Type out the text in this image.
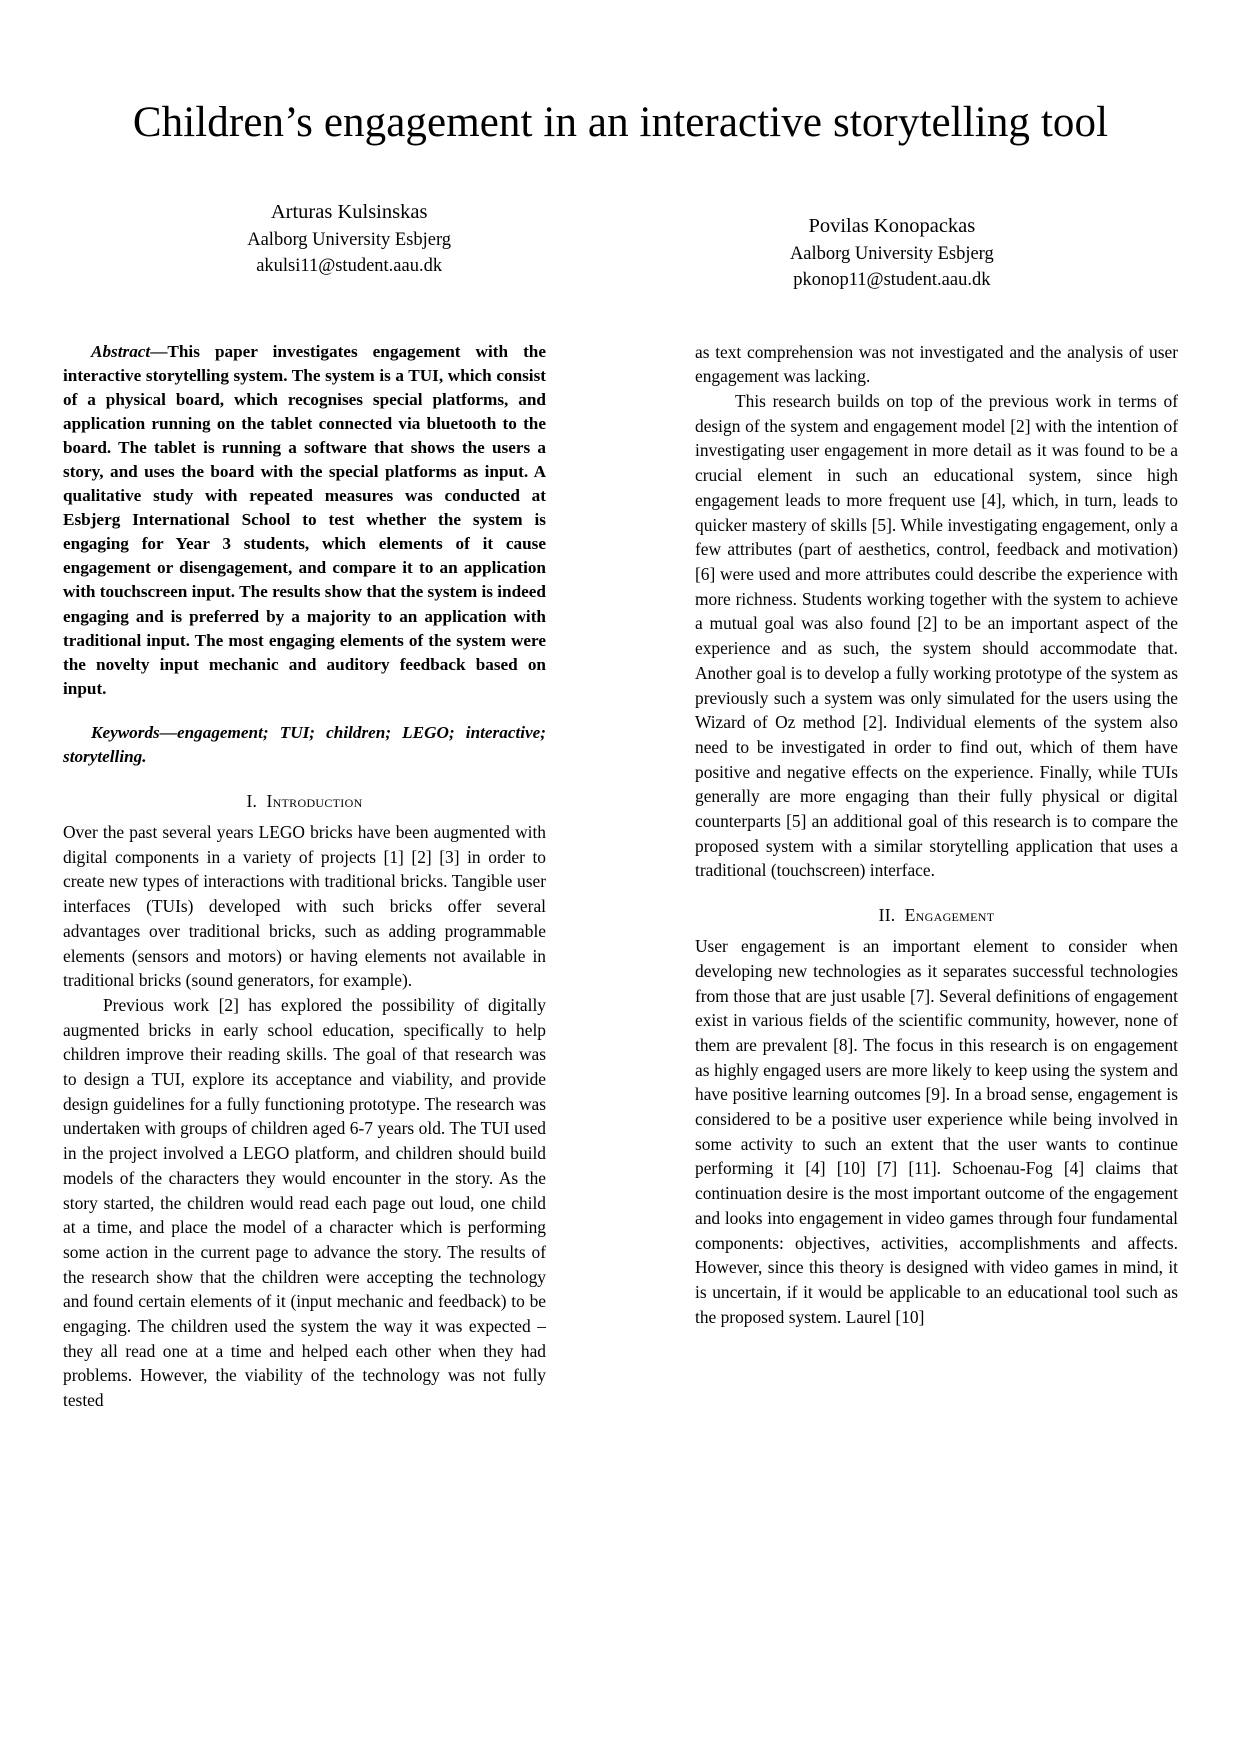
Children’s engagement in an interactive storytelling tool
Arturas Kulsinskas
Aalborg University Esbjerg
akulsi11@student.aau.dk
Povilas Konopackas
Aalborg University Esbjerg
pkonop11@student.aau.dk

Abstract—This paper investigates engagement with the interactive storytelling system. The system is a TUI, which consist of a physical board, which recognises special platforms, and application running on the tablet connected via bluetooth to the board. The tablet is running a software that shows the users a story, and uses the board with the special platforms as input. A qualitative study with repeated measures was conducted at Esbjerg International School to test whether the system is engaging for Year 3 students, which elements of it cause engagement or disengagement, and compare it to an application with touchscreen input. The results show that the system is indeed engaging and is preferred by a majority to an application with traditional input. The most engaging elements of the system were the novelty input mechanic and auditory feedback based on input.

Keywords—engagement; TUI; children; LEGO; interactive; storytelling.

I. Introduction

Over the past several years LEGO bricks have been augmented with digital components in a variety of projects [1] [2] [3] in order to create new types of interactions with traditional bricks. Tangible user interfaces (TUIs) developed with such bricks offer several advantages over traditional bricks, such as adding programmable elements (sensors and motors) or having elements not available in traditional bricks (sound generators, for example).

Previous work [2] has explored the possibility of digitally augmented bricks in early school education, specifically to help children improve their reading skills. The goal of that research was to design a TUI, explore its acceptance and viability, and provide design guidelines for a fully functioning prototype. The research was undertaken with groups of children aged 6-7 years old. The TUI used in the project involved a LEGO platform, and children should build models of the characters they would encounter in the story. As the story started, the children would read each page out loud, one child at a time, and place the model of a character which is performing some action in the current page to advance the story. The results of the research show that the children were accepting the technology and found certain elements of it (input mechanic and feedback) to be engaging. The children used the system the way it was expected – they all read one at a time and helped each other when they had problems. However, the viability of the technology was not fully tested

as text comprehension was not investigated and the analysis of user engagement was lacking.

This research builds on top of the previous work in terms of design of the system and engagement model [2] with the intention of investigating user engagement in more detail as it was found to be a crucial element in such an educational system, since high engagement leads to more frequent use [4], which, in turn, leads to quicker mastery of skills [5]. While investigating engagement, only a few attributes (part of aesthetics, control, feedback and motivation) [6] were used and more attributes could describe the experience with more richness. Students working together with the system to achieve a mutual goal was also found [2] to be an important aspect of the experience and as such, the system should accommodate that. Another goal is to develop a fully working prototype of the system as previously such a system was only simulated for the users using the Wizard of Oz method [2]. Individual elements of the system also need to be investigated in order to find out, which of them have positive and negative effects on the experience. Finally, while TUIs generally are more engaging than their fully physical or digital counterparts [5] an additional goal of this research is to compare the proposed system with a similar storytelling application that uses a traditional (touchscreen) interface.

II. Engagement

User engagement is an important element to consider when developing new technologies as it separates successful technologies from those that are just usable [7]. Several definitions of engagement exist in various fields of the scientific community, however, none of them are prevalent [8]. The focus in this research is on engagement as highly engaged users are more likely to keep using the system and have positive learning outcomes [9]. In a broad sense, engagement is considered to be a positive user experience while being involved in some activity to such an extent that the user wants to continue performing it [4] [10] [7] [11]. Schoenau-Fog [4] claims that continuation desire is the most important outcome of the engagement and looks into engagement in video games through four fundamental components: objectives, activities, accomplishments and affects. However, since this theory is designed with video games in mind, it is uncertain, if it would be applicable to an educational tool such as the proposed system. Laurel [10]
